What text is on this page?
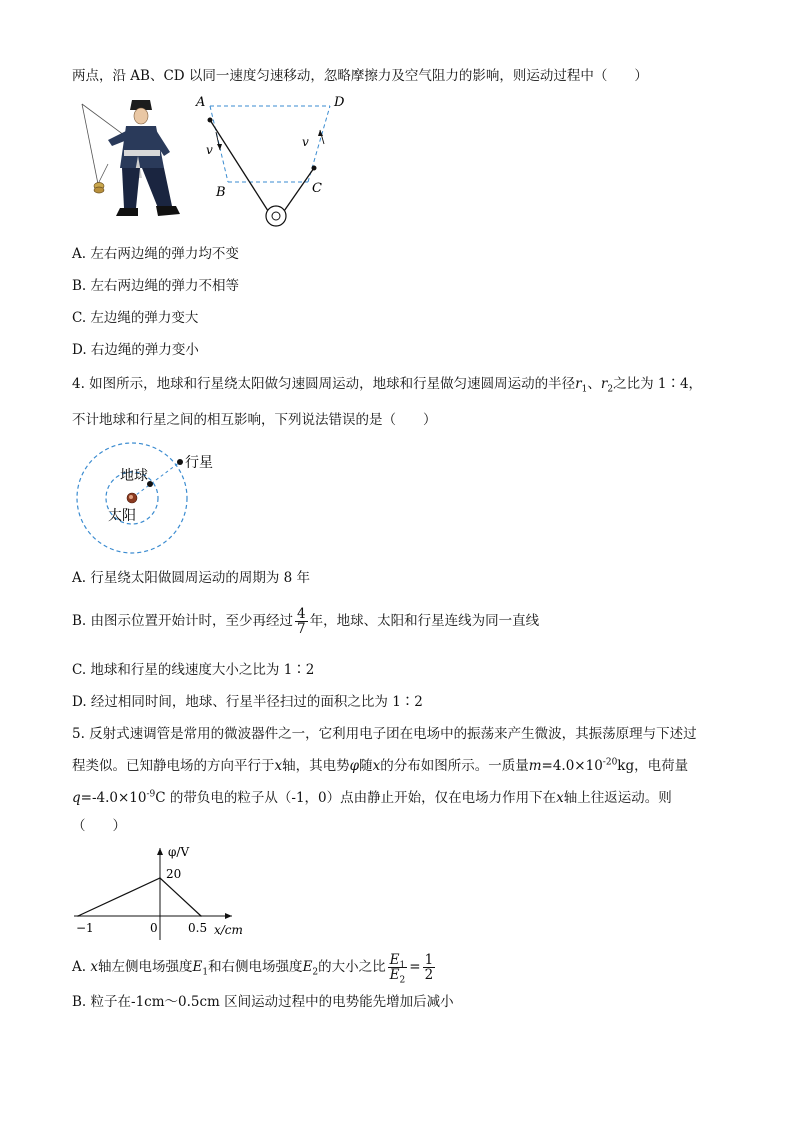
两点，沿 AB、CD 以同一速度匀速移动，忽略摩擦力及空气阻力的影响，则运动过程中（　　）
A
B	C
D
v
v
A. 左右两边绳的弹力均不变
B. 左右两边绳的弹力不相等
C. 左边绳的弹力变大
D. 右边绳的弹力变小
4. 如图所示，地球和行星绕太阳做匀速圆周运动，地球和行星做匀速圆周运动的半径$r_1$、$r_2$之比为 1∶4，
不计地球和行星之间的相互影响，下列说法错误的是（　　）
地球
行星
太阳
A. 行星绕太阳做圆周运动的周期为 8 年
B. 由图示位置开始计时，至少再经过 $\frac{4}{7}$ 年，地球、太阳和行星连线为同一直线
C. 地球和行星的线速度大小之比为 1∶2
D. 经过相同时间，地球、行星半径扫过的面积之比为 1∶2
5. 反射式速调管是常用的微波器件之一，它利用电子团在电场中的振荡来产生微波，其振荡原理与下述过
程类似。已知静电场的方向平行于x轴，其电势φ随x的分布如图所示。一质量$m=4.0\times 10^{-20}kg$，电荷量
$q=-4.0\times 10^{-9}C$ 的带负电的粒子从（-1，0）点由静止开始，仅在电场力作用下在x轴上往返运动。则
（　　）
φ/V
x/cm
20
−1	0	0.5
A. x轴左侧电场强度$E_1$和右侧电场强度$E_2$的大小之比 $\frac{E_1}{E_2} = \frac{1}{2}$
B. 粒子在-1cm～0.5cm 区间运动过程中的电势能先增加后减小
